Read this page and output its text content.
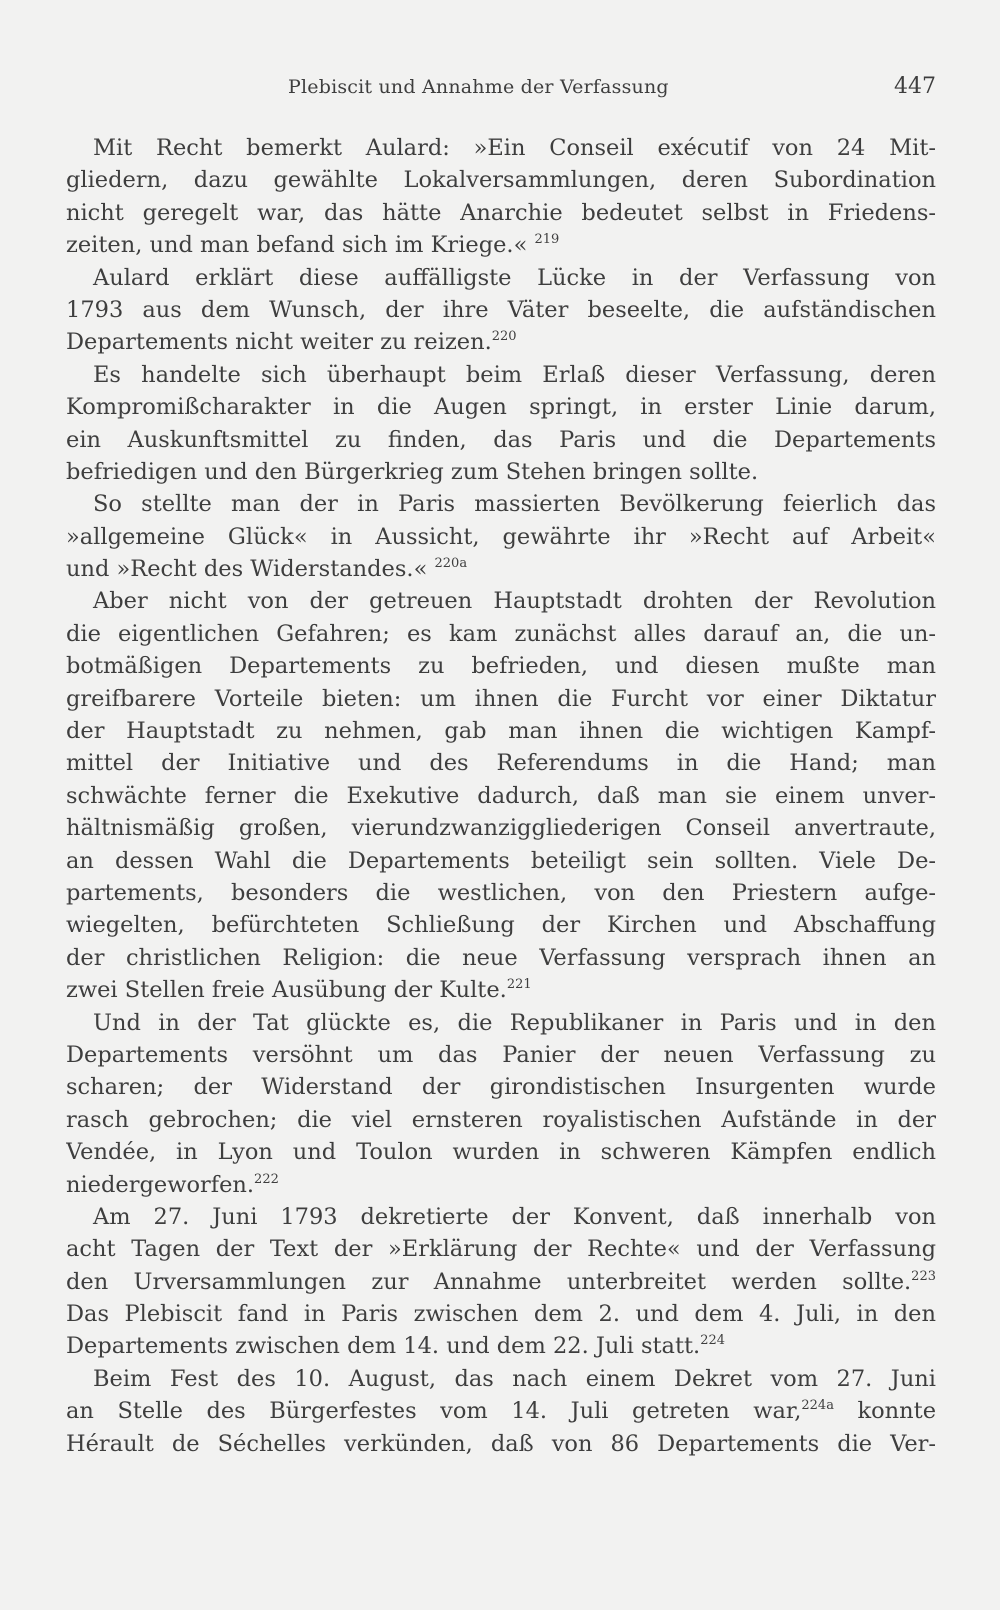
Plebiscit und Annahme der Verfassung	447
Mit Recht bemerkt Aulard: »Ein Conseil exécutif von 24 Mit-
gliedern, dazu gewählte Lokalversammlungen, deren Subordination
nicht geregelt war, das hätte Anarchie bedeutet selbst in Friedens-
zeiten, und man befand sich im Kriege.« $^{219}$
Aulard erklärt diese auffälligste Lücke in der Verfassung von
1793 aus dem Wunsch, der ihre Väter beseelte, die aufständischen
Departements nicht weiter zu reizen.$^{220}$
Es handelte sich überhaupt beim Erlaß dieser Verfassung, deren
Kompromißcharakter in die Augen springt, in erster Linie darum,
ein Auskunftsmittel zu finden, das Paris und die Departements
befriedigen und den Bürgerkrieg zum Stehen bringen sollte.
So stellte man der in Paris massierten Bevölkerung feierlich das
»allgemeine Glück« in Aussicht, gewährte ihr »Recht auf Arbeit«
und »Recht des Widerstandes.« $^{220a}$
Aber nicht von der getreuen Hauptstadt drohten der Revolution
die eigentlichen Gefahren; es kam zunächst alles darauf an, die un-
botmäßigen Departements zu befrieden, und diesen mußte man
greifbarere Vorteile bieten: um ihnen die Furcht vor einer Diktatur
der Hauptstadt zu nehmen, gab man ihnen die wichtigen Kampf-
mittel der Initiative und des Referendums in die Hand; man
schwächte ferner die Exekutive dadurch, daß man sie einem unver-
hältnismäßig großen, vierundzwanziggliederigen Conseil anvertraute,
an dessen Wahl die Departements beteiligt sein sollten. Viele De-
partements, besonders die westlichen, von den Priestern aufge-
wiegelten, befürchteten Schließung der Kirchen und Abschaffung
der christlichen Religion: die neue Verfassung versprach ihnen an
zwei Stellen freie Ausübung der Kulte.$^{221}$
Und in der Tat glückte es, die Republikaner in Paris und in den
Departements versöhnt um das Panier der neuen Verfassung zu
scharen; der Widerstand der girondistischen Insurgenten wurde
rasch gebrochen; die viel ernsteren royalistischen Aufstände in der
Vendée, in Lyon und Toulon wurden in schweren Kämpfen endlich
niedergeworfen.$^{222}$
Am 27. Juni 1793 dekretierte der Konvent, daß innerhalb von
acht Tagen der Text der »Erklärung der Rechte« und der Verfassung
den Urversammlungen zur Annahme unterbreitet werden sollte.$^{223}$
Das Plebiscit fand in Paris zwischen dem 2. und dem 4. Juli, in den
Departements zwischen dem 14. und dem 22. Juli statt.$^{224}$
Beim Fest des 10. August, das nach einem Dekret vom 27. Juni
an Stelle des Bürgerfestes vom 14. Juli getreten war,$^{224a}$ konnte
Hérault de Séchelles verkünden, daß von 86 Departements die Ver-
